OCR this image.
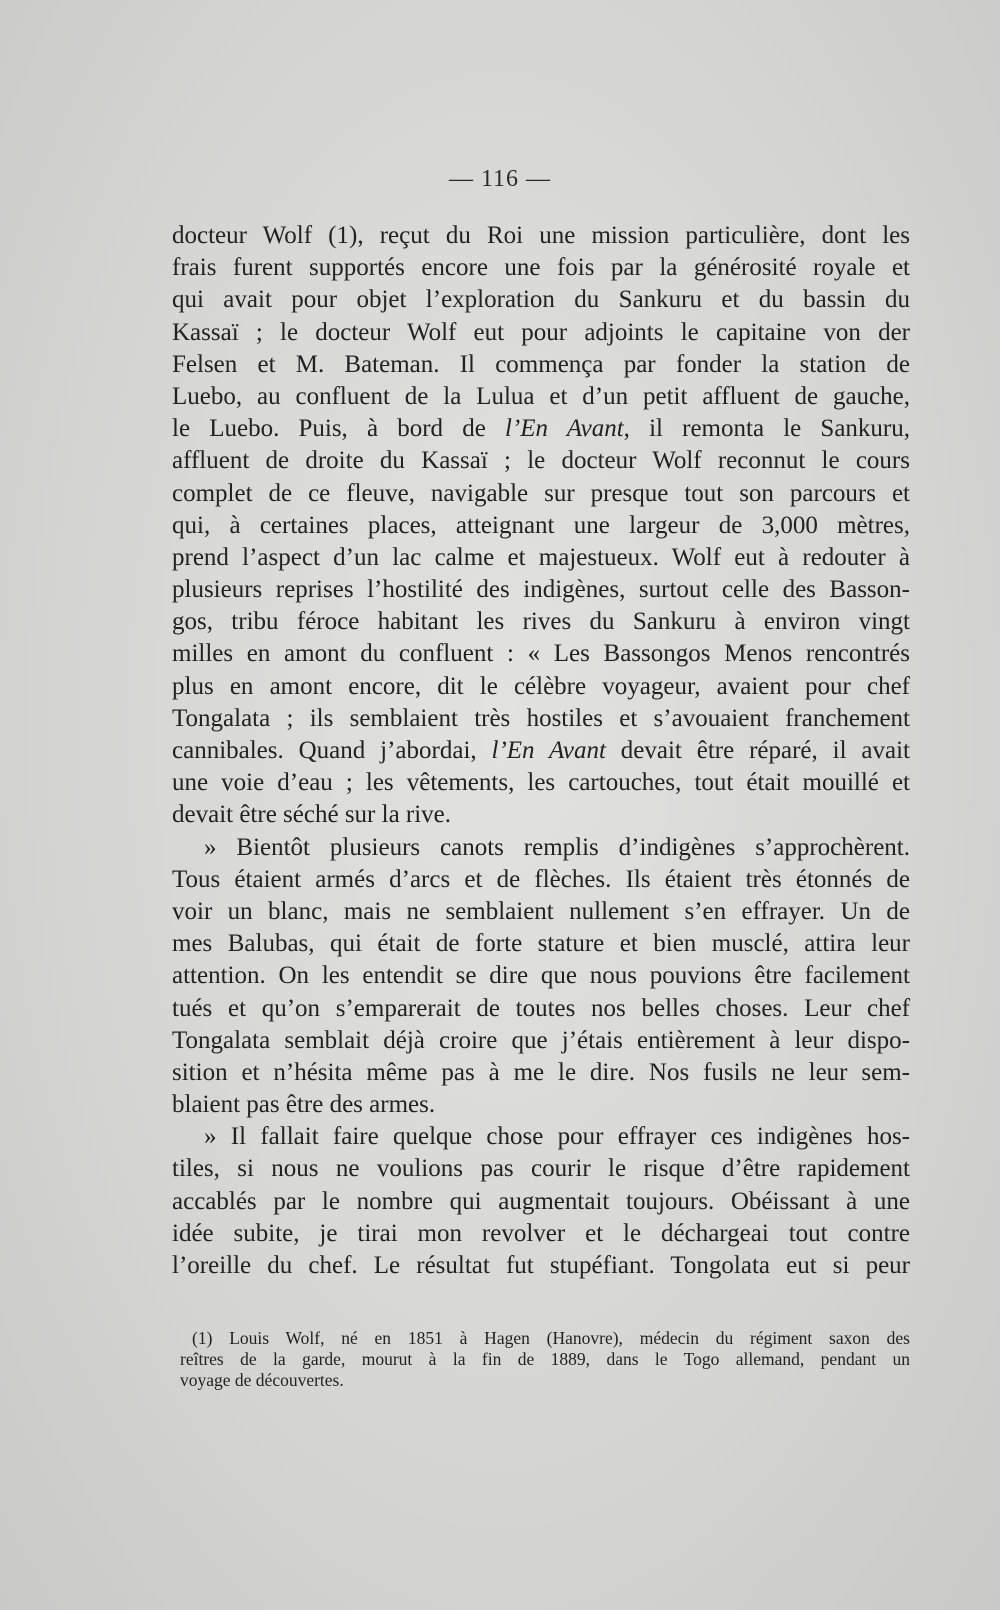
— 116 —
docteur Wolf (1), reçut du Roi une mission particulière, dont les
frais furent supportés encore une fois par la générosité royale et
qui avait pour objet l’exploration du Sankuru et du bassin du
Kassaï ; le docteur Wolf eut pour adjoints le capitaine von der
Felsen et M. Bateman. Il commença par fonder la station de
Luebo, au confluent de la Lulua et d’un petit affluent de gauche,
le Luebo. Puis, à bord de l’En Avant, il remonta le Sankuru,
affluent de droite du Kassaï ; le docteur Wolf reconnut le cours
complet de ce fleuve, navigable sur presque tout son parcours et
qui, à certaines places, atteignant une largeur de 3,000 mètres,
prend l’aspect d’un lac calme et majestueux. Wolf eut à redouter à
plusieurs reprises l’hostilité des indigènes, surtout celle des Basson-
gos, tribu féroce habitant les rives du Sankuru à environ vingt
milles en amont du confluent : « Les Bassongos Menos rencontrés
plus en amont encore, dit le célèbre voyageur, avaient pour chef
Tongalata ; ils semblaient très hostiles et s’avouaient franchement
cannibales. Quand j’abordai, l’En Avant devait être réparé, il avait
une voie d’eau ; les vêtements, les cartouches, tout était mouillé et
devait être séché sur la rive.
» Bientôt plusieurs canots remplis d’indigènes s’approchèrent.
Tous étaient armés d’arcs et de flèches. Ils étaient très étonnés de
voir un blanc, mais ne semblaient nullement s’en effrayer. Un de
mes Balubas, qui était de forte stature et bien musclé, attira leur
attention. On les entendit se dire que nous pouvions être facilement
tués et qu’on s’emparerait de toutes nos belles choses. Leur chef
Tongalata semblait déjà croire que j’étais entièrement à leur dispo-
sition et n’hésita même pas à me le dire. Nos fusils ne leur sem-
blaient pas être des armes.
» Il fallait faire quelque chose pour effrayer ces indigènes hos-
tiles, si nous ne voulions pas courir le risque d’être rapidement
accablés par le nombre qui augmentait toujours. Obéissant à une
idée subite, je tirai mon revolver et le déchargeai tout contre
l’oreille du chef. Le résultat fut stupéfiant. Tongolata eut si peur
(1) Louis Wolf, né en 1851 à Hagen (Hanovre), médecin du régiment saxon des
reîtres de la garde, mourut à la fin de 1889, dans le Togo allemand, pendant un
voyage de découvertes.
